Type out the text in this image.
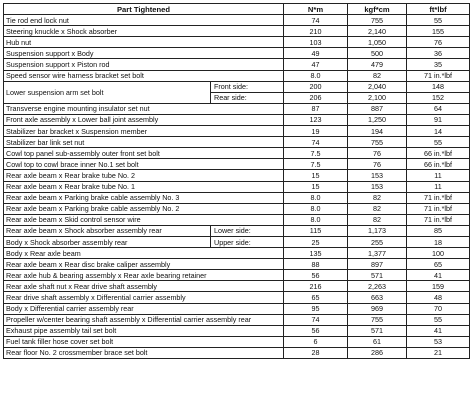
Part Tightened		N*m	kgf*cm	ft*lbf
Tie rod end lock nut		74	755	55
Steering knuckle x Shock absorber		210	2,140	155
Hub nut		103	1,050	76
Suspension support x Body		49	500	36
Suspension support x Piston rod		47	479	35
Speed sensor wire harness bracket set bolt		8.0	82	71 in.*lbf
Lower suspension arm set bolt	Front side:	200	2,040	148
	Rear side:	206	2,100	152
Transverse engine mounting insulator set nut		87	887	64
Front axle assembly x Lower ball joint assembly		123	1,250	91
Stabilizer bar bracket x Suspension member		19	194	14
Stabilizer bar link set nut		74	755	55
Cowl top panel sub-assembly outer front set bolt		7.5	76	66 in.*lbf
Cowl top to cowl brace inner No.1 set bolt		7.5	76	66 in.*lbf
Rear axle beam x Rear brake tube No. 2		15	153	11
Rear axle beam x Rear brake tube No. 1		15	153	11
Rear axle beam x Parking brake cable assembly No. 3		8.0	82	71 in.*lbf
Rear axle beam x Parking brake cable assembly No. 2		8.0	82	71 in.*lbf
Rear axle beam x Skid control sensor wire		8.0	82	71 in.*lbf
Rear axle beam x Shock absorber assembly rear	Lower side:	115	1,173	85
Body x Shock absorber assembly rear	Upper side:	25	255	18
Body x Rear axle beam		135	1,377	100
Rear axle beam x Rear disc brake caliper assembly		88	897	65
Rear axle hub & bearing assembly x Rear axle bearing retainer		56	571	41
Rear axle shaft nut x Rear drive shaft assembly		216	2,263	159
Rear drive shaft assembly x Differential carrier assembly		65	663	48
Body x Differential carrier assembly rear		95	969	70
Propeller w/center bearing shaft assembly x Differential carrier assembly rear		74	755	55
Exhaust pipe assembly tail set bolt		56	571	41
Fuel tank filler hose cover set bolt		6	61	53
Rear floor No. 2 crossmember brace set bolt		28	286	21
